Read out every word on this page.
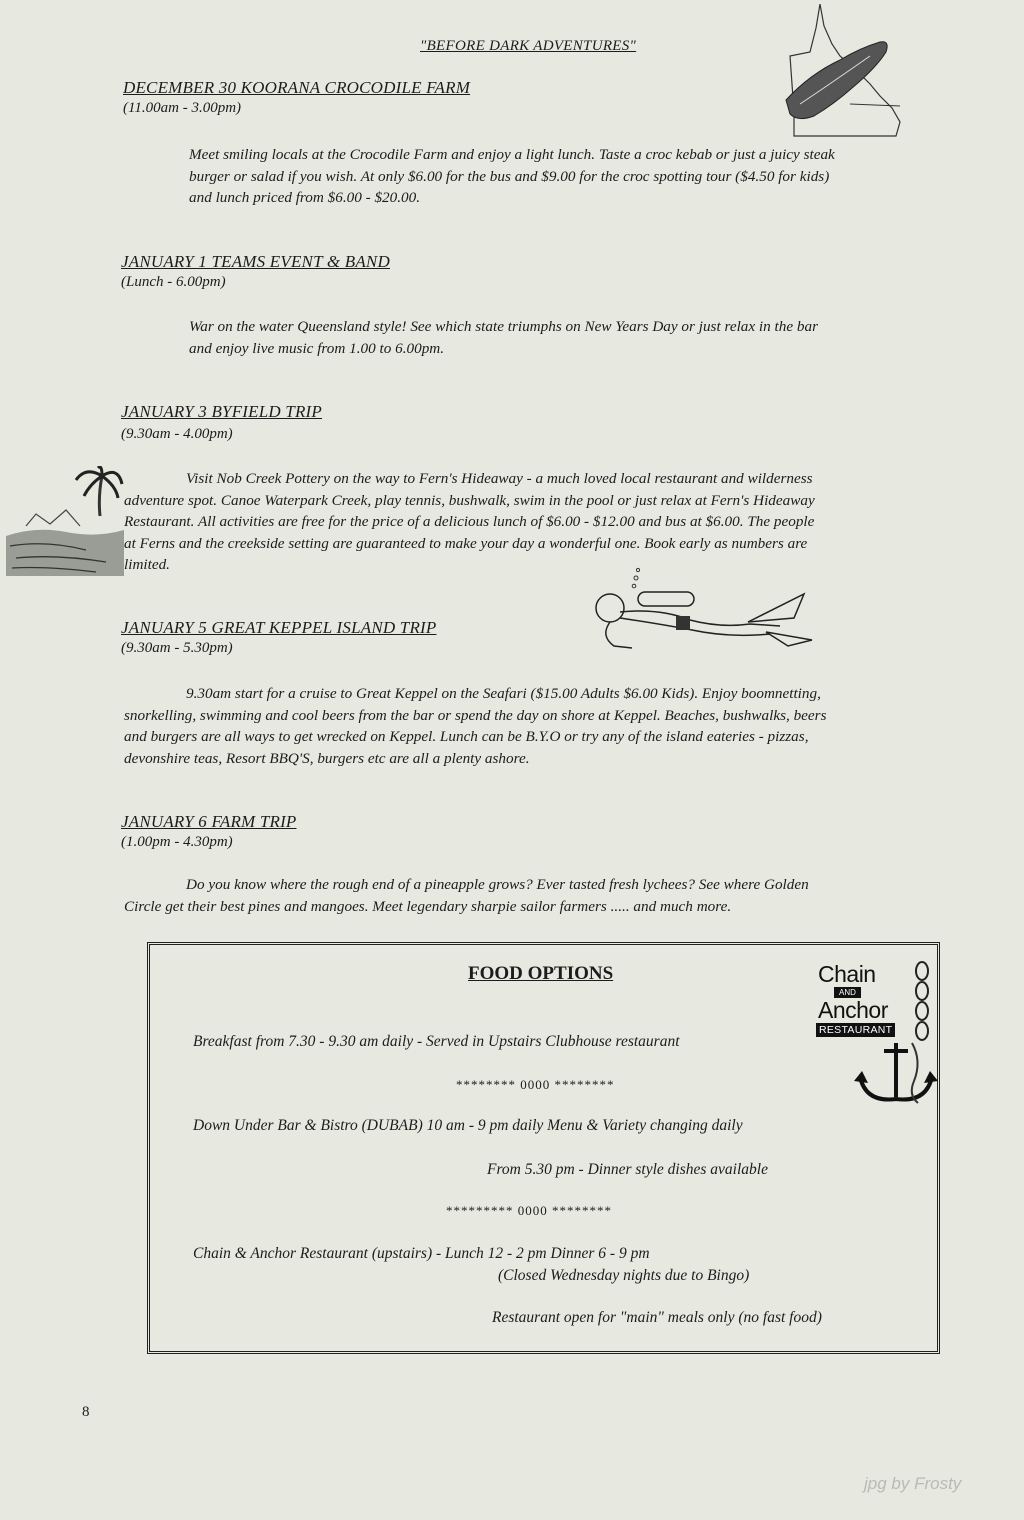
"BEFORE DARK ADVENTURES"
DECEMBER 30 KOORANA CROCODILE FARM
(11.00am - 3.00pm)
Meet smiling locals at the Crocodile Farm and enjoy a light lunch. Taste a croc kebab or just a juicy steak
burger or salad if you wish. At only $6.00 for the bus and $9.00 for the croc spotting tour ($4.50 for kids)
and lunch priced from $6.00 - $20.00.
JANUARY 1 TEAMS EVENT & BAND
(Lunch - 6.00pm)
War on the water Queensland style! See which state triumphs on New Years Day or just relax in the bar
and enjoy live music from 1.00 to 6.00pm.
JANUARY 3 BYFIELD TRIP
(9.30am - 4.00pm)
Visit Nob Creek Pottery on the way to Fern's Hideaway - a much loved local restaurant and wilderness
adventure spot. Canoe Waterpark Creek, play tennis, bushwalk, swim in the pool or just relax at Fern's Hideaway
Restaurant. All activities are free for the price of a delicious lunch of $6.00 - $12.00 and bus at $6.00. The people
at Ferns and the creekside setting are guaranteed to make your day a wonderful one. Book early as numbers are
limited.
JANUARY 5 GREAT KEPPEL ISLAND TRIP
(9.30am - 5.30pm)
9.30am start for a cruise to Great Keppel on the Seafari ($15.00 Adults $6.00 Kids). Enjoy boomnetting,
snorkelling, swimming and cool beers from the bar or spend the day on shore at Keppel. Beaches, bushwalks, beers
and burgers are all ways to get wrecked on Keppel. Lunch can be B.Y.O or try any of the island eateries - pizzas,
devonshire teas, Resort BBQ'S, burgers etc are all a plenty ashore.
JANUARY 6 FARM TRIP
(1.00pm - 4.30pm)
Do you know where the rough end of a pineapple grows? Ever tasted fresh lychees? See where Golden
Circle get their best pines and mangoes. Meet legendary sharpie sailor farmers ..... and much more.
FOOD OPTIONS	Chain
AND
Anchor
RESTAURANT
Breakfast from 7.30 - 9.30 am daily - Served in Upstairs Clubhouse restaurant
******** 0000 ********
Down Under Bar & Bistro (DUBAB) 10 am - 9 pm daily Menu & Variety changing daily
From 5.30 pm - Dinner style dishes available
********* 0000 ********
Chain & Anchor Restaurant (upstairs) - Lunch 12 - 2 pm Dinner 6 - 9 pm
(Closed Wednesday nights due to Bingo)
Restaurant open for "main" meals only (no fast food)
8
jpg by Frosty
